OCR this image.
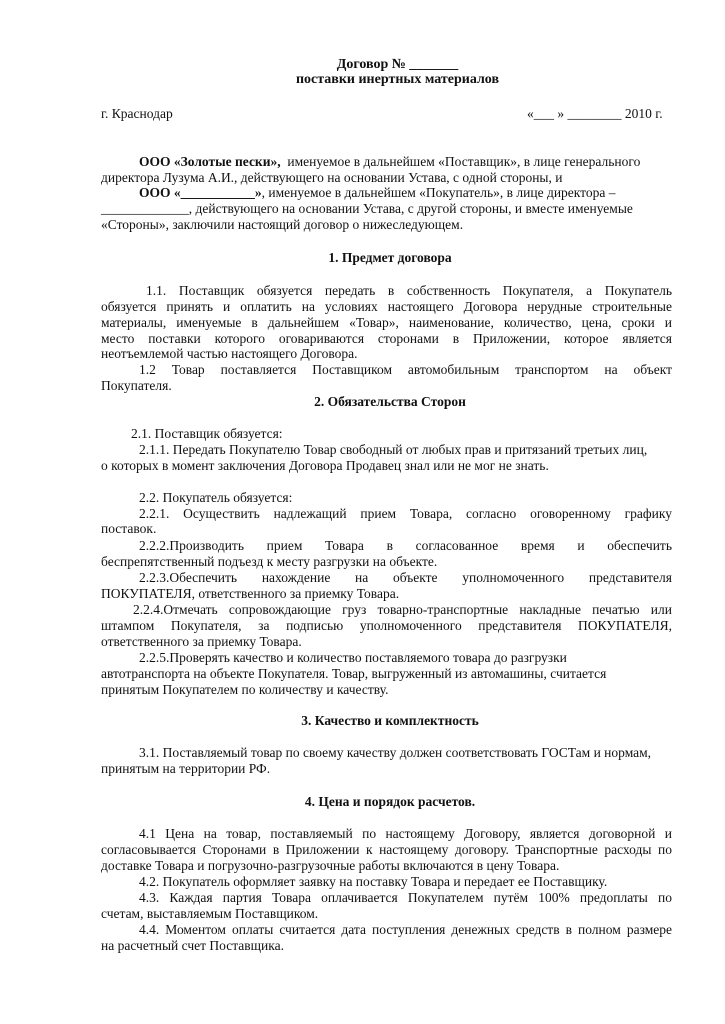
Договор № _______
поставки инертных материалов
г. Краснодар	«___ » ________ 2010 г.
ООО «Золотые пески», именуемое в дальнейшем «Поставщик», в лице генерального
директора Лузума А.И., действующего на основании Устава, с одной стороны, и
ООО «___________», именуемое в дальнейшем «Покупатель», в лице директора –
_____________, действующего на основании Устава, с другой стороны, и вместе именуемые
«Стороны», заключили настоящий договор о нижеследующем.
1. Предмет договора
1.1. Поставщик обязуется передать в собственность Покупателя, а Покупатель
обязуется принять и оплатить на условиях настоящего Договора нерудные строительные
материалы, именуемые в дальнейшем «Товар», наименование, количество, цена, сроки и
место поставки которого оговариваются сторонами в Приложении, которое является
неотъемлемой частью настоящего Договора.
1.2 Товар поставляется Поставщиком автомобильным транспортом на объект
Покупателя.
2. Обязательства Сторон
2.1. Поставщик обязуется:
2.1.1. Передать Покупателю Товар свободный от любых прав и притязаний третьих лиц,
о которых в момент заключения Договора Продавец знал или не мог не знать.
2.2. Покупатель обязуется:
2.2.1. Осуществить надлежащий прием Товара, согласно оговоренному графику
поставок.
2.2.2.Производить прием Товара в согласованное время и обеспечить
беспрепятственный подъезд к месту разгрузки на объекте.
2.2.3.Обеспечить нахождение на объекте уполномоченного представителя
ПОКУПАТЕЛЯ, ответственного за приемку Товара.
2.2.4.Отмечать сопровождающие груз товарно-транспортные накладные печатью или
штампом Покупателя, за подписью уполномоченного представителя ПОКУПАТЕЛЯ,
ответственного за приемку Товара.
2.2.5.Проверять качество и количество поставляемого товара до разгрузки
автотранспорта на объекте Покупателя. Товар, выгруженный из автомашины, считается
принятым Покупателем по количеству и качеству.
3. Качество и комплектность
3.1. Поставляемый товар по своему качеству должен соответствовать ГОСТам и нормам,
принятым на территории РФ.
4. Цена и порядок расчетов.
4.1 Цена на товар, поставляемый по настоящему Договору, является договорной и
согласовывается Сторонами в Приложении к настоящему договору. Транспортные расходы по
доставке Товара и погрузочно-разгрузочные работы включаются в цену Товара.
4.2. Покупатель оформляет заявку на поставку Товара и передает ее Поставщику.
4.3. Каждая партия Товара оплачивается Покупателем путём 100% предоплаты по
счетам, выставляемым Поставщиком.
4.4. Моментом оплаты считается дата поступления денежных средств в полном размере
на расчетный счет Поставщика.
